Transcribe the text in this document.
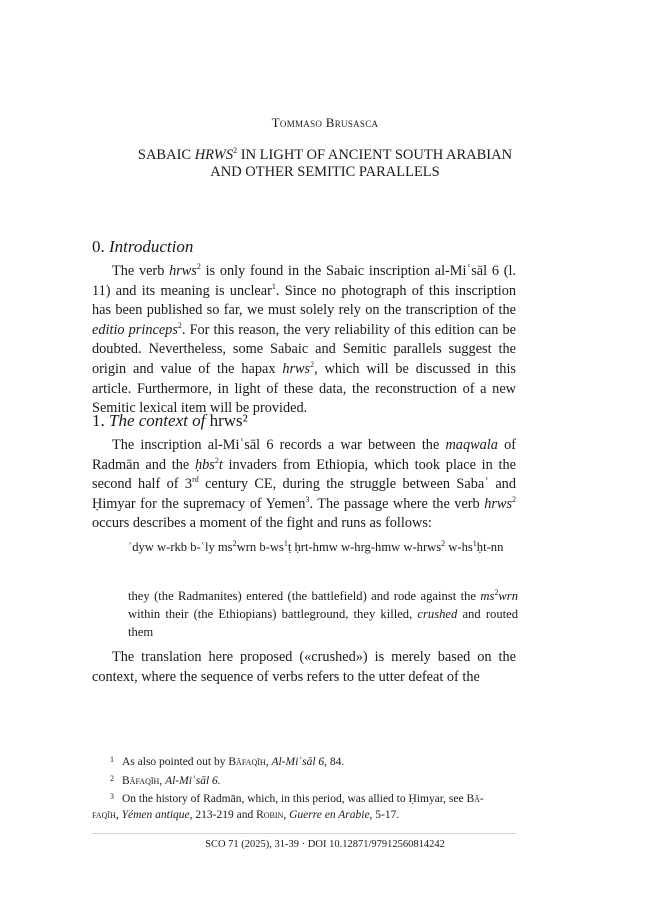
Tommaso Brusasca
SABAIC HRWS$^2$ IN LIGHT OF ANCIENT SOUTH ARABIAN
AND OTHER SEMITIC PARALLELS
0. Introduction
The verb hrws$^2$ is only found in the Sabaic inscription al-Miʿsāl 6 (l. 11) and its meaning is unclear$^1$. Since no photograph of this inscription has been published so far, we must solely rely on the transcription of the editio princeps$^2$. For this reason, the very reliability of this edition can be doubted. Nevertheless, some Sabaic and Semitic parallels suggest the origin and value of the hapax hrws$^2$, which will be discussed in this article. Furthermore, in light of these data, the reconstruction of a new Semitic lexical item will be provided.
1. The context of hrws²
The inscription al-Miʿsāl 6 records a war between the maqwala of Radmān and the ḥbs$^2$t invaders from Ethiopia, which took place in the second half of 3rd century CE, during the struggle between Sabaʾ and Ḥimyar for the supremacy of Yemen$^3$. The passage where the verb hrws$^2$ occurs describes a moment of the fight and runs as follows:
ʾdyw w-rkb b-ʿly $ms^2wrn$ $b-ws^1ṭ$ ḥrt-hmw w-hrg-hmw w-hrws$^2$ $w-hs^1ḥt-nn$
they (the Radmanites) entered (the battlefield) and rode against the $ms^2wrn$ within their (the Ethiopians) battleground, they killed, crushed and routed them
The translation here proposed («crushed») is merely based on the context, where the sequence of verbs refers to the utter defeat of the
1 As also pointed out by Bāfaqīh, Al-Miʿsāl 6, 84.
2 Bāfaqīh, Al-Miʿsāl 6.
3 On the history of Radmān, which, in this period, was allied to Ḥimyar, see Bā-
faqīh, Yémen antique, 213-219 and Robin, Guerre en Arabie, 5-17.
SCO 71 (2025), 31-39 · DOI 10.12871/97912560814242
